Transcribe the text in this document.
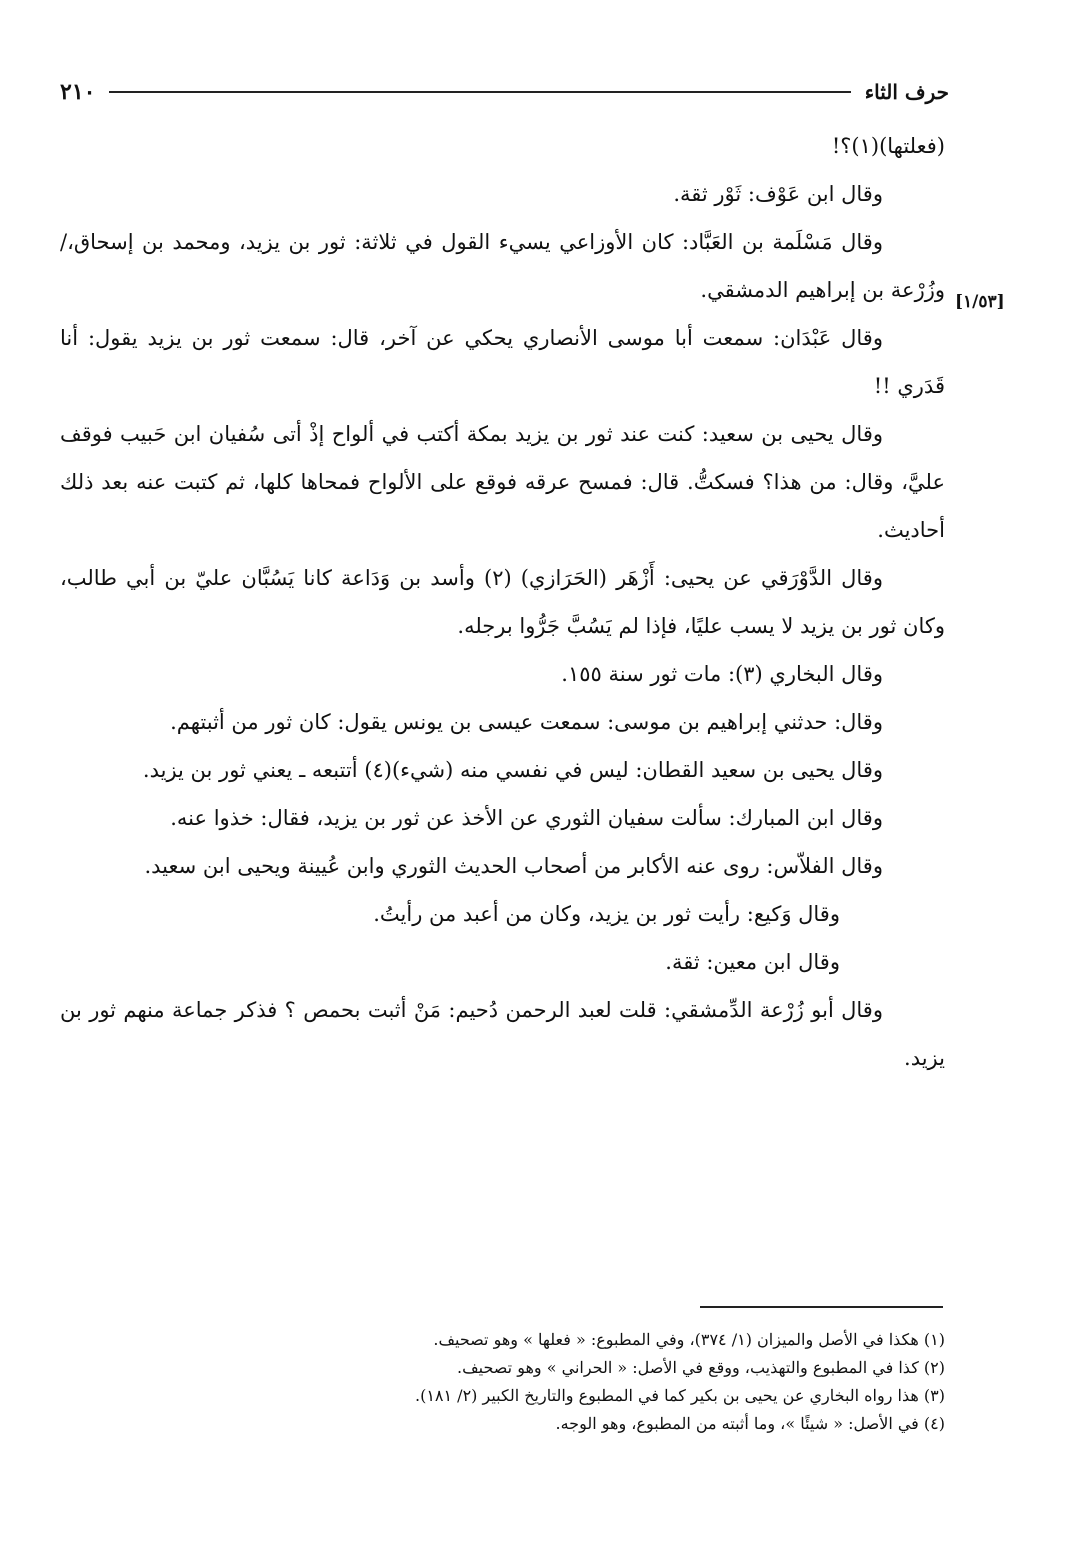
حرف الثاء
٢١٠
[١/٥٣]

(فعلتها)(١)؟!

وقال ابن عَوْف: ثَوْر ثقة.

وقال مَسْلَمة بن العَبَّاد: كان الأوزاعي يسيء القول في ثلاثة: ثور بن يزيد، ومحمد بن إسحاق،/ وزُرْعة بن إبراهيم الدمشقي.

وقال عَبْدَان: سمعت أبا موسى الأنصاري يحكي عن آخر، قال: سمعت ثور بن يزيد يقول: أنا قَدَري !!

وقال يحيى بن سعيد: كنت عند ثور بن يزيد بمكة أكتب في ألواح إذْ أتى سُفيان ابن حَبيب فوقف عليَّ، وقال: من هذا؟ فسكتُّ. قال: فمسح عرقه فوقع على الألواح فمحاها كلها، ثم كتبت عنه بعد ذلك أحاديث.

وقال الدَّوْرَقي عن يحيى: أَزْهَر (الحَرَازي) (٢) وأسد بن وَدَاعة كانا يَسُبَّان عليّ بن أبي طالب، وكان ثور بن يزيد لا يسب عليًا، فإذا لم يَسُبَّ جَرُّوا برجله.

وقال البخاري (٣): مات ثور سنة ١٥٥.

وقال: حدثني إبراهيم بن موسى: سمعت عيسى بن يونس يقول: كان ثور من أثبتهم.

وقال يحيى بن سعيد القطان: ليس في نفسي منه (شيء)(٤) أتتبعه ـ يعني ثور بن يزيد.

وقال ابن المبارك: سألت سفيان الثوري عن الأخذ عن ثور بن يزيد، فقال: خذوا عنه.

وقال الفلاّس: روى عنه الأكابر من أصحاب الحديث الثوري وابن عُيينة ويحيى ابن سعيد.

وقال وَكيع: رأيت ثور بن يزيد، وكان من أعبد من رأيتُ.

وقال ابن معين: ثقة.

وقال أبو زُرْعة الدِّمشقي: قلت لعبد الرحمن دُحيم: مَنْ أثبت بحمص ؟ فذكر جماعة منهم ثور بن يزيد.

(١) هكذا في الأصل والميزان (١/ ٣٧٤)، وفي المطبوع: « فعلها » وهو تصحيف.

(٢) كذا في المطبوع والتهذيب، ووقع في الأصل: « الحراني » وهو تصحيف.

(٣) هذا رواه البخاري عن يحيى بن بكير كما في المطبوع والتاريخ الكبير (٢/ ١٨١).

(٤) في الأصل: « شيئًا »، وما أثبته من المطبوع، وهو الوجه.
